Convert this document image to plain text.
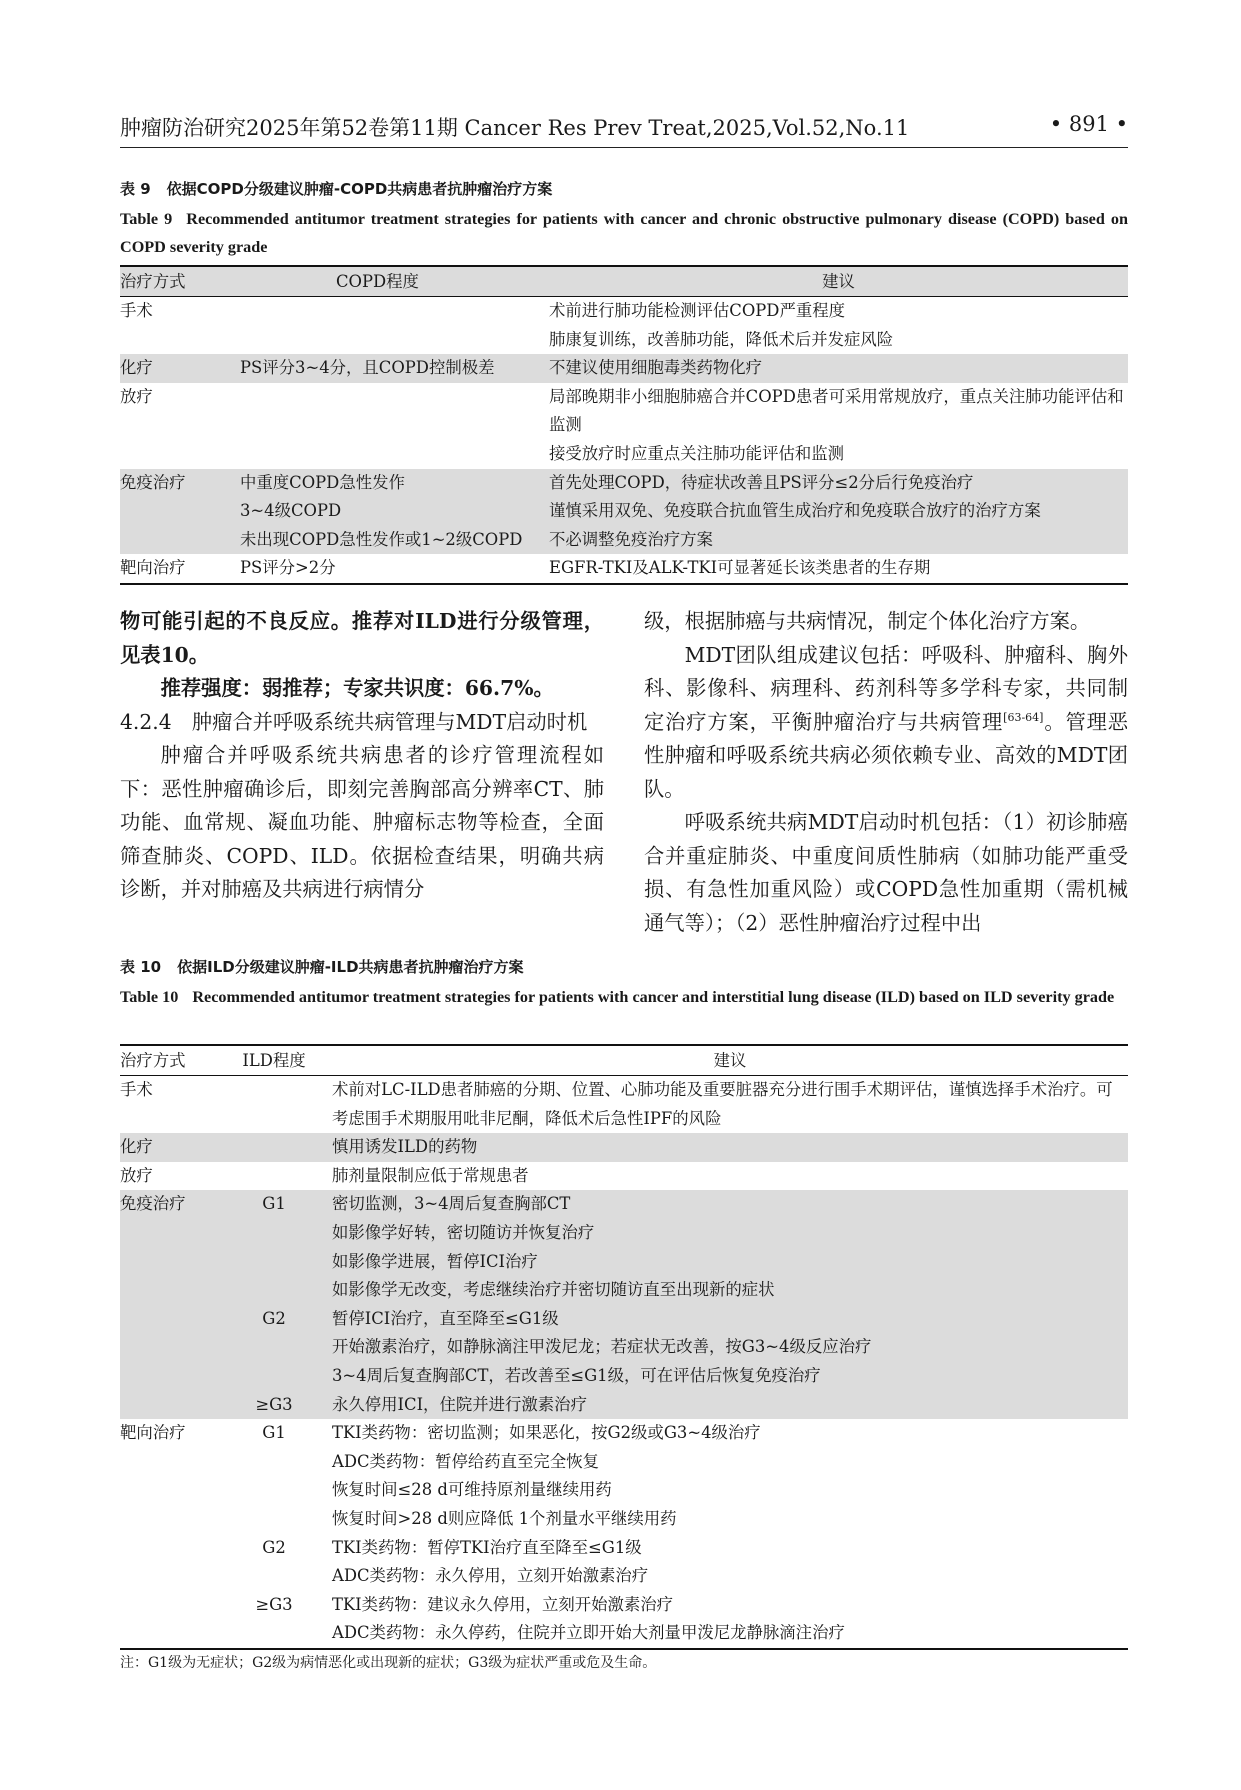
肿瘤防治研究2025年第52卷第11期 Cancer Res Prev Treat,2025,Vol.52,No.11	• 891 •
表 9 依据COPD分级建议肿瘤-COPD共病患者抗肿瘤治疗方案
Table 9 Recommended antitumor treatment strategies for patients with cancer and chronic obstructive pulmonary disease (COPD) based on COPD severity grade
治疗方式	COPD程度	建议
手术		术前进行肺功能检测评估COPD严重程度
		肺康复训练，改善肺功能，降低术后并发症风险
化疗	PS评分3~4分，且COPD控制极差	不建议使用细胞毒类药物化疗
放疗		局部晚期非小细胞肺癌合并COPD患者可采用常规放疗，重点关注肺功能评估和监测
		接受放疗时应重点关注肺功能评估和监测
免疫治疗	中重度COPD急性发作	首先处理COPD，待症状改善且PS评分≤2分后行免疫治疗
	3~4级COPD	谨慎采用双免、免疫联合抗血管生成治疗和免疫联合放疗的治疗方案
	未出现COPD急性发作或1~2级COPD	不必调整免疫治疗方案
靶向治疗	PS评分>2分	EGFR-TKI及ALK-TKI可显著延长该类患者的生存期

物可能引起的不良反应。推荐对ILD进行分级管理，见表10。

推荐强度：弱推荐；专家共识度：66.7%。

4.2.4　肿瘤合并呼吸系统共病管理与MDT启动时机

肿瘤合并呼吸系统共病患者的诊疗管理流程如下：恶性肿瘤确诊后，即刻完善胸部高分辨率CT、肺功能、血常规、凝血功能、肿瘤标志物等检查，全面筛查肺炎、COPD、ILD。依据检查结果，明确共病诊断，并对肺癌及共病进行病情分

级，根据肺癌与共病情况，制定个体化治疗方案。

MDT团队组成建议包括：呼吸科、肿瘤科、胸外科、影像科、病理科、药剂科等多学科专家，共同制定治疗方案，平衡肿瘤治疗与共病管理[63-64]。管理恶性肿瘤和呼吸系统共病必须依赖专业、高效的MDT团队。

呼吸系统共病MDT启动时机包括：（1）初诊肺癌合并重症肺炎、中重度间质性肺病（如肺功能严重受损、有急性加重风险）或COPD急性加重期（需机械通气等）；（2）恶性肿瘤治疗过程中出

表 10 依据ILD分级建议肿瘤-ILD共病患者抗肿瘤治疗方案
Table 10 Recommended antitumor treatment strategies for patients with cancer and interstitial lung disease (ILD) based on ILD severity grade
治疗方式	ILD程度	建议
手术		术前对LC-ILD患者肺癌的分期、位置、心肺功能及重要脏器充分进行围手术期评估，谨慎选择手术治疗。可考虑围手术期服用吡非尼酮，降低术后急性IPF的风险
化疗		慎用诱发ILD的药物
放疗		肺剂量限制应低于常规患者
免疫治疗	G1	密切监测，3~4周后复查胸部CT
		如影像学好转，密切随访并恢复治疗
		如影像学进展，暂停ICI治疗
		如影像学无改变，考虑继续治疗并密切随访直至出现新的症状
	G2	暂停ICI治疗，直至降至≤G1级
		开始激素治疗，如静脉滴注甲泼尼龙；若症状无改善，按G3~4级反应治疗
		3~4周后复查胸部CT，若改善至≤G1级，可在评估后恢复免疫治疗
	≥G3	永久停用ICI，住院并进行激素治疗
靶向治疗	G1	TKI类药物：密切监测；如果恶化，按G2级或G3~4级治疗
		ADC类药物：暂停给药直至完全恢复
		恢复时间≤28 d可维持原剂量继续用药
		恢复时间>28 d则应降低 1个剂量水平继续用药
	G2	TKI类药物：暂停TKI治疗直至降至≤G1级
		ADC类药物：永久停用，立刻开始激素治疗
	≥G3	TKI类药物：建议永久停用，立刻开始激素治疗
		ADC类药物：永久停药，住院并立即开始大剂量甲泼尼龙静脉滴注治疗
注：G1级为无症状；G2级为病情恶化或出现新的症状；G3级为症状严重或危及生命。
